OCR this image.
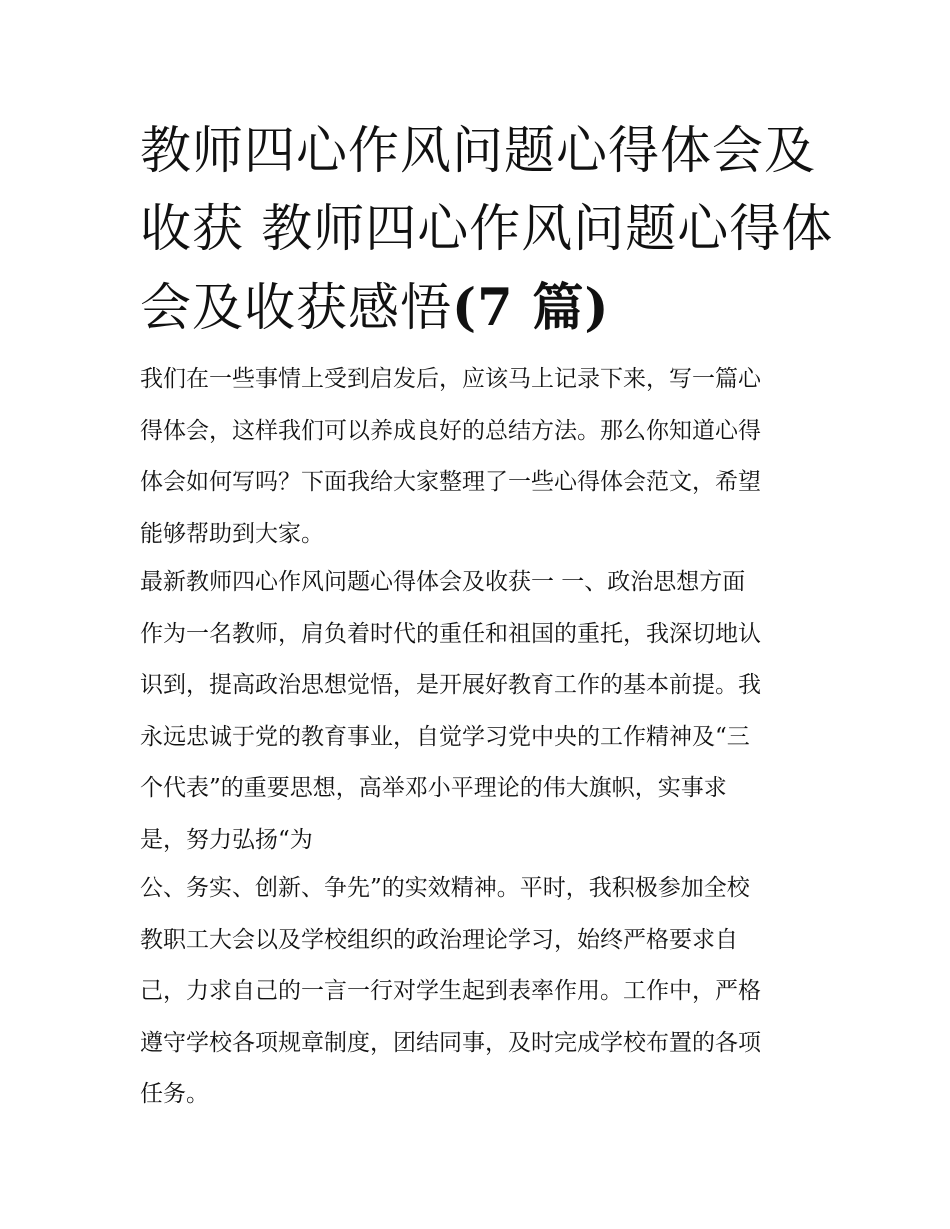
教师四心作风问题心得体会及
收获 教师四心作风问题心得体
会及收获感悟(7 篇)

我们在一些事情上受到启发后，应该马上记录下来，写一篇心
得体会，这样我们可以养成良好的总结方法。那么你知道心得
体会如何写吗？下面我给大家整理了一些心得体会范文，希望
能够帮助到大家。

最新教师四心作风问题心得体会及收获一 一、政治思想方面
作为一名教师，肩负着时代的重任和祖国的重托，我深切地认
识到，提高政治思想觉悟，是开展好教育工作的基本前提。我
永远忠诚于党的教育事业，自觉学习党中央的工作精神及“三
个代表”的重要思想，高举邓小平理论的伟大旗帜，实事求
是，努力弘扬“为

公、务实、创新、争先”的实效精神。平时，我积极参加全校
教职工大会以及学校组织的政治理论学习，始终严格要求自
己，力求自己的一言一行对学生起到表率作用。工作中，严格
遵守学校各项规章制度，团结同事，及时完成学校布置的各项
任务。
